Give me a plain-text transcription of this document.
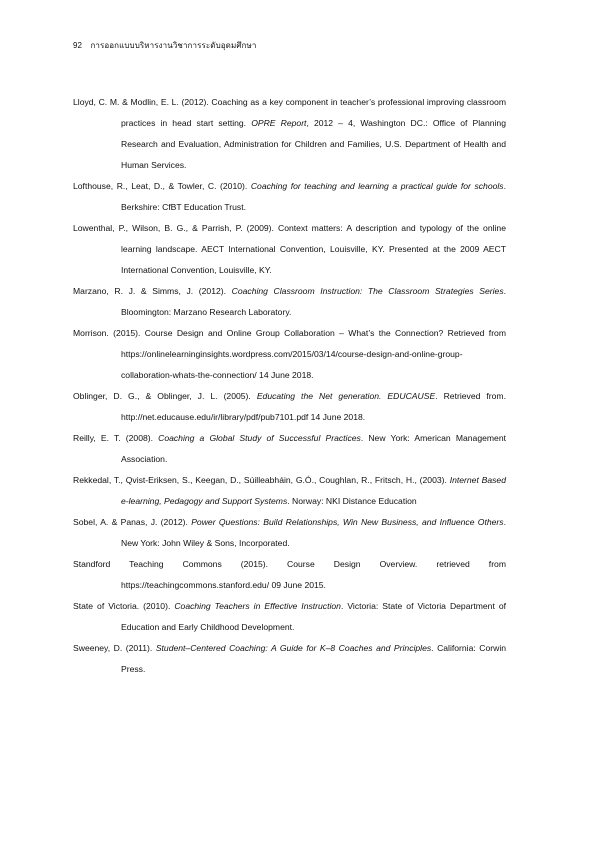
92 การออกแบบบริหารงานวิชาการระดับอุดมศึกษา
Lloyd, C. M. & Modlin, E. L. (2012). Coaching as a key component in teacher’s professional improving classroom practices in head start setting. OPRE Report, 2012 – 4, Washington DC.: Office of Planning Research and Evaluation, Administration for Children and Families, U.S. Department of Health and Human Services.
Lofthouse, R., Leat, D., & Towler, C. (2010). Coaching for teaching and learning a practical guide for schools. Berkshire: CfBT Education Trust.
Lowenthal, P., Wilson, B. G., & Parrish, P. (2009). Context matters: A description and typology of the online learning landscape. AECT International Convention, Louisville, KY. Presented at the 2009 AECT International Convention, Louisville, KY.
Marzano, R. J. & Simms, J. (2012). Coaching Classroom Instruction: The Classroom Strategies Series. Bloomington: Marzano Research Laboratory.
Morrison. (2015). Course Design and Online Group Collaboration – What’s the Connection? Retrieved from https://onlinelearninginsights.wordpress.com/2015/03/14/course-design-and-online-group-collaboration-whats-the-connection/ 14 June 2018.
Oblinger, D. G., & Oblinger, J. L. (2005). Educating the Net generation. EDUCAUSE. Retrieved from. http://net.educause.edu/ir/library/pdf/pub7101.pdf 14 June 2018.
Reilly, E. T. (2008). Coaching a Global Study of Successful Practices. New York: American Management Association.
Rekkedal, T., Qvist-Eriksen, S., Keegan, D., Súilleabháin, G.Ó., Coughlan, R., Fritsch, H., (2003). Internet Based e-learning, Pedagogy and Support Systems. Norway: NKI Distance Education
Sobel, A. & Panas, J. (2012). Power Questions: Build Relationships, Win New Business, and Influence Others. New York: John Wiley & Sons, Incorporated.
Standford Teaching Commons (2015). Course Design Overview. retrieved from https://teachingcommons.stanford.edu/ 09 June 2015.
State of Victoria. (2010). Coaching Teachers in Effective Instruction. Victoria: State of Victoria Department of Education and Early Childhood Development.
Sweeney, D. (2011). Student–Centered Coaching: A Guide for K–8 Coaches and Principles. California: Corwin Press.
